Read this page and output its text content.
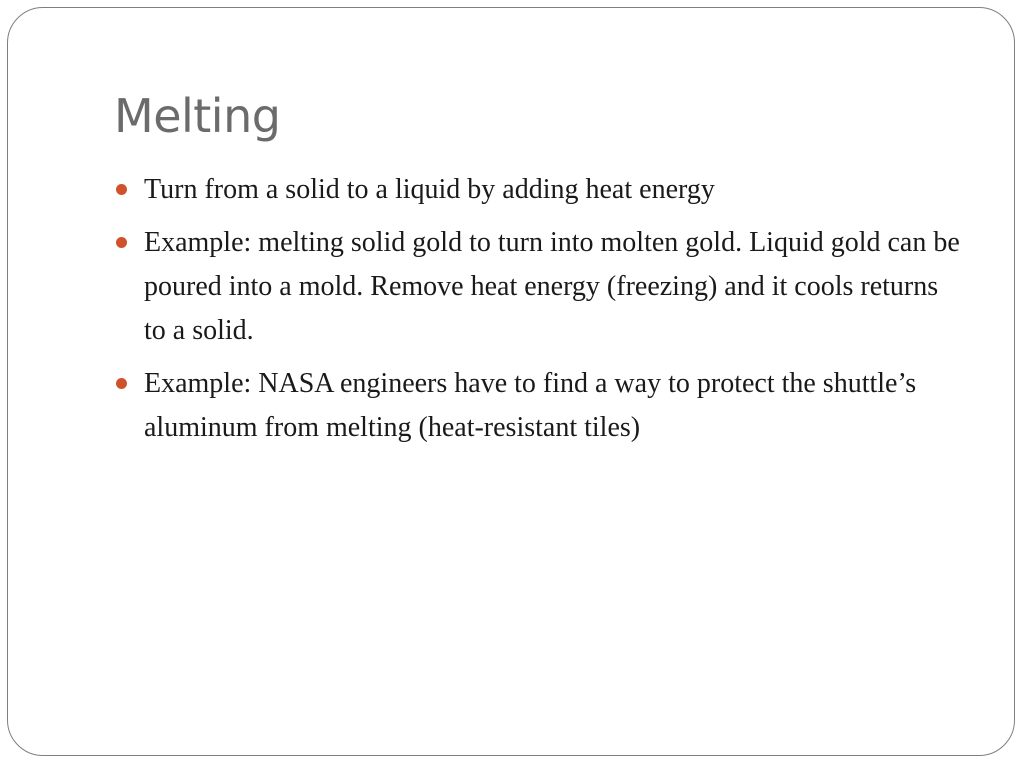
Melting
Turn from a solid to a liquid by adding heat energy
Example: melting solid gold to turn into molten gold. Liquid gold can be poured into a mold. Remove heat energy (freezing) and it cools returns to a solid.
Example: NASA engineers have to find a way to protect the shuttle’s aluminum from melting (heat-resistant tiles)
